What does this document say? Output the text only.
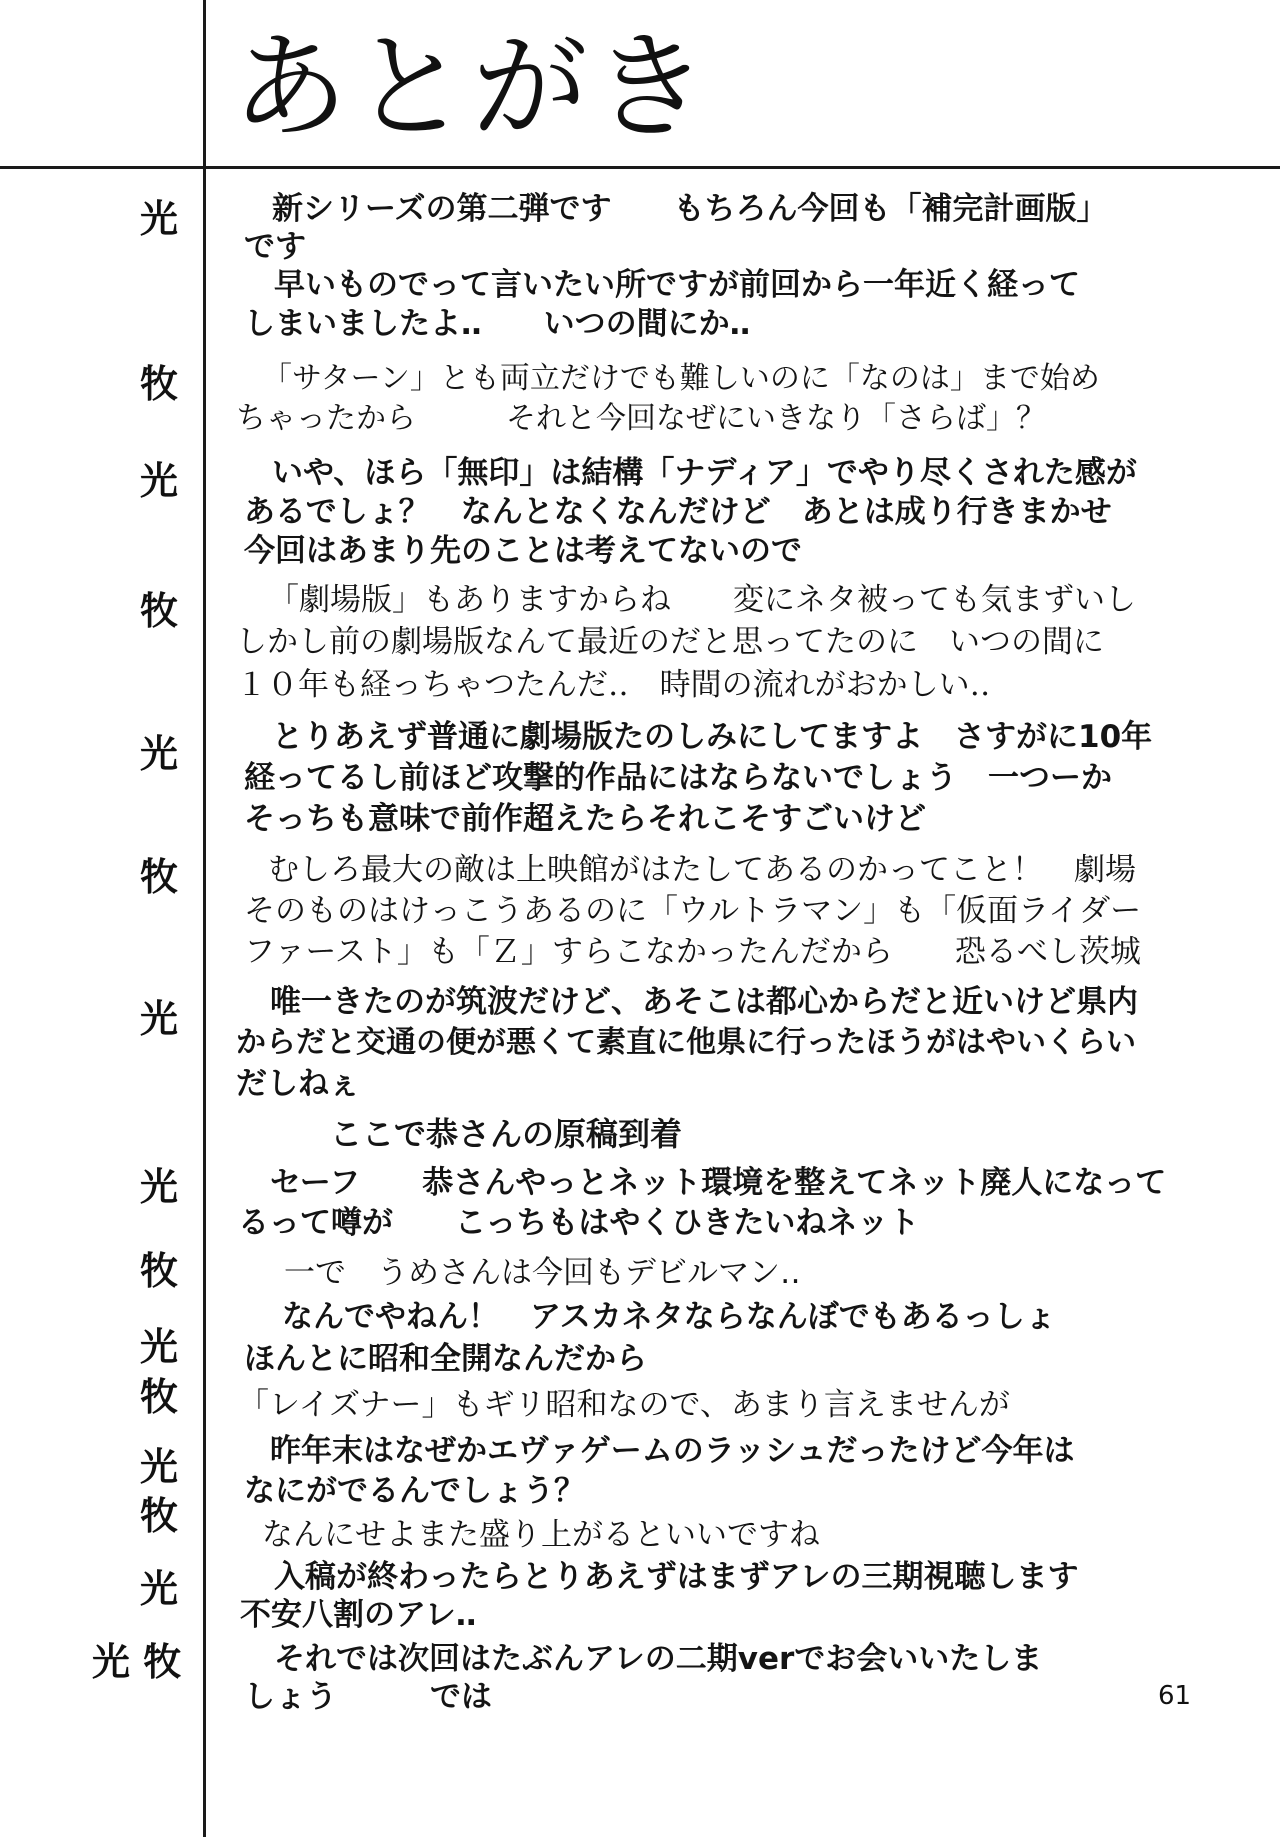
あとがき
光
牧
光
牧
光
牧
光
光
牧
光
牧
光
牧
光
光 牧
新シリーズの第二弾です　　もちろん今回も「補完計画版」
です
早いものでって言いたい所ですが前回から一年近く経って
しまいましたよ‥　　いつの間にか‥
「サターン」とも両立だけでも難しいのに「なのは」まで始め
ちゃったから　　　それと今回なぜにいきなり「さらば」？
いや、ほら「無印」は結構「ナディア」でやり尽くされた感が
あるでしょ？　なんとなくなんだけど　あとは成り行きまかせ
今回はあまり先のことは考えてないので
「劇場版」もありますからね　　変にネタ被っても気まずいし
しかし前の劇場版なんて最近のだと思ってたのに　いつの間に
１０年も経っちゃつたんだ‥　時間の流れがおかしい‥
とりあえず普通に劇場版たのしみにしてますよ　さすがに10年
経ってるし前ほど攻撃的作品にはならないでしょう　一つーか
そっちも意味で前作超えたらそれこそすごいけど
むしろ最大の敵は上映館がはたしてあるのかってこと！　劇場
そのものはけっこうあるのに「ウルトラマン」も「仮面ライダー
ファースト」も「Ｚ」すらこなかったんだから　　恐るべし茨城
唯一きたのが筑波だけど、あそこは都心からだと近いけど県内
からだと交通の便が悪くて素直に他県に行ったほうがはやいくらい
だしねぇ
ここで恭さんの原稿到着
セーフ　　恭さんやっとネット環境を整えてネット廃人になって
るって噂が　　こっちもはやくひきたいねネット
一で　うめさんは今回もデビルマン‥
なんでやねん！　アスカネタならなんぼでもあるっしょ
ほんとに昭和全開なんだから
「レイズナー」もギリ昭和なので、あまり言えませんが
昨年末はなぜかエヴァゲームのラッシュだったけど今年は
なにがでるんでしょう？
なんにせよまた盛り上がるといいですね
入稿が終わったらとりあえずはまずアレの三期視聴します
不安八割のアレ‥
それでは次回はたぶんアレの二期verでお会いいたしま
しょう　　　では	61
